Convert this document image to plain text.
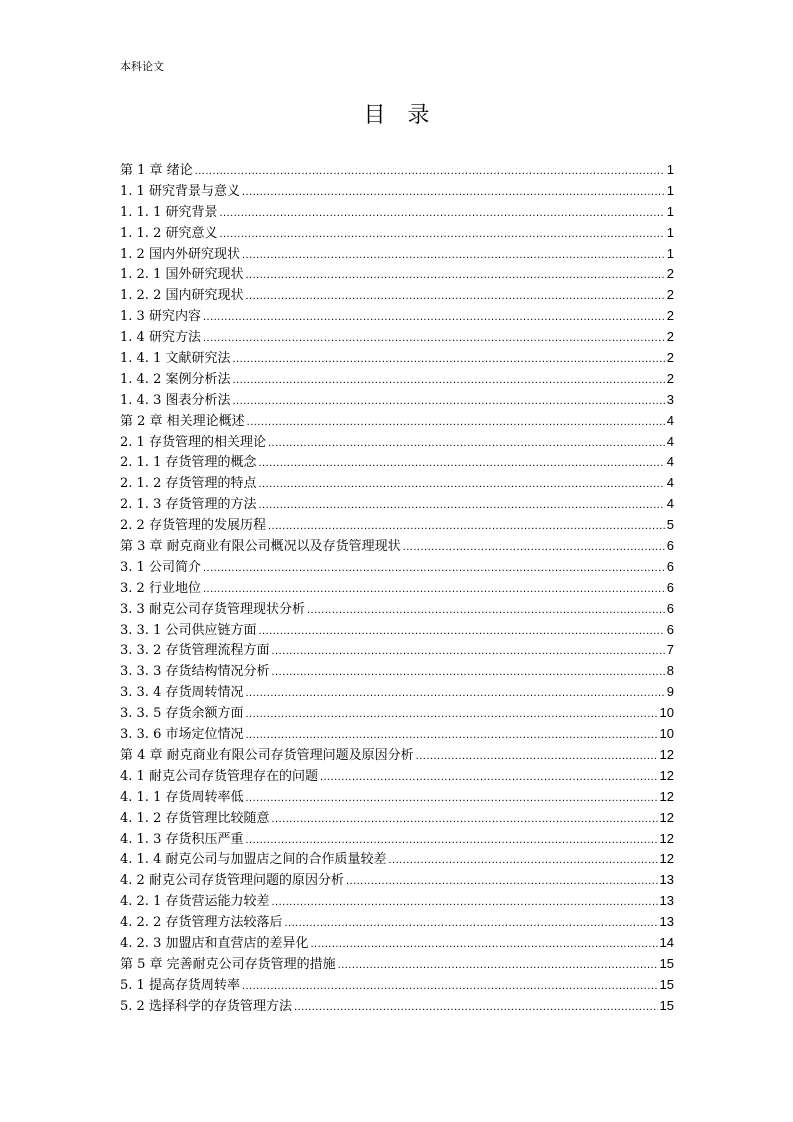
本科论文
目录
第 1 章 绪论 .....	1
1. 1 研究背景与意义 .....	1
1. 1. 1 研究背景 .....	1
1. 1. 2 研究意义 .....	1
1. 2 国内外研究现状 .....	1
1. 2. 1 国外研究现状 .....	2
1. 2. 2 国内研究现状 .....	2
1. 3 研究内容 .....	2
1. 4 研究方法 .....	2
1. 4. 1 文献研究法 .....	2
1. 4. 2 案例分析法 .....	2
1. 4. 3 图表分析法 .....	3
第 2 章 相关理论概述 .....	4
2. 1 存货管理的相关理论 .....	4
2. 1. 1 存货管理的概念 .....	4
2. 1. 2 存货管理的特点 .....	4
2. 1. 3 存货管理的方法 .....	4
2. 2 存货管理的发展历程 .....	5
第 3 章 耐克商业有限公司概况以及存货管理现状 .....	6
3. 1 公司简介 .....	6
3. 2 行业地位 .....	6
3. 3 耐克公司存货管理现状分析 .....	6
3. 3. 1 公司供应链方面 .....	6
3. 3. 2 存货管理流程方面 .....	7
3. 3. 3 存货结构情况分析 .....	8
3. 3. 4 存货周转情况 .....	9
3. 3. 5 存货余额方面 .....	10
3. 3. 6 市场定位情况 .....	10
第 4 章 耐克商业有限公司存货管理问题及原因分析 .....	12
4. 1 耐克公司存货管理存在的问题 .....	12
4. 1. 1 存货周转率低 .....	12
4. 1. 2 存货管理比较随意 .....	12
4. 1. 3 存货积压严重 .....	12
4. 1. 4 耐克公司与加盟店之间的合作质量较差 .....	12
4. 2 耐克公司存货管理问题的原因分析 .....	13
4. 2. 1 存货营运能力较差 .....	13
4. 2. 2 存货管理方法较落后 .....	13
4. 2. 3 加盟店和直营店的差异化 .....	14
第 5 章 完善耐克公司存货管理的措施 .....	15
5. 1 提高存货周转率 .....	15
5. 2 选择科学的存货管理方法 .....	15
